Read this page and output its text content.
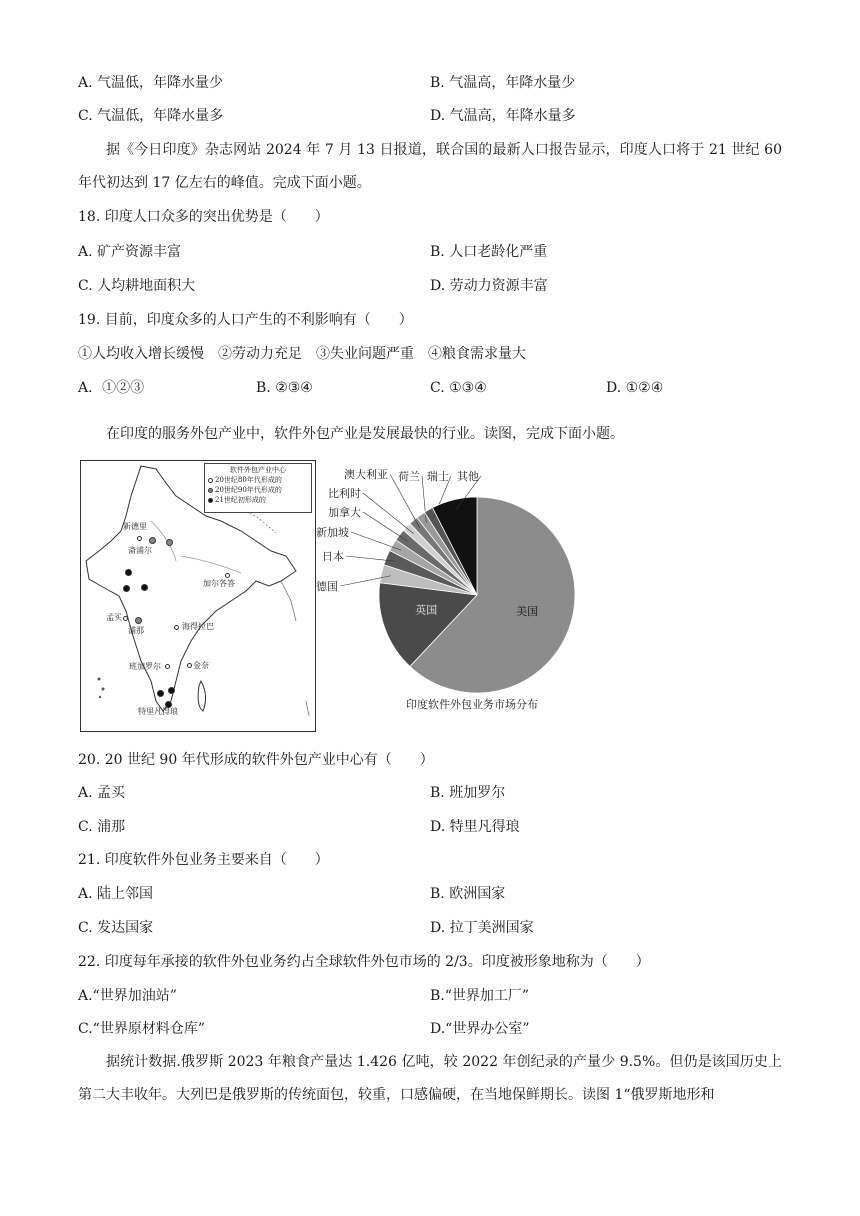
A. 气温低，年降水量少	B. 气温高，年降水量少
C. 气温低，年降水量多	D. 气温高，年降水量多
据《今日印度》杂志网站 2024 年 7 月 13 日报道，联合国的最新人口报告显示，印度人口将于 21 世纪 60 年代初达到 17 亿左右的峰值。完成下面小题。
18. 印度人口众多的突出优势是（　　）
A. 矿产资源丰富	B. 人口老龄化严重
C. 人均耕地面积大	D. 劳动力资源丰富
19. 目前，印度众多的人口产生的不利影响有（　　）
①人均收入增长缓慢　②劳动力充足　③失业问题严重　④粮食需求量大
A．①②③	B. ②③④	C. ①③④	D. ①②④
在印度的服务外包产业中，软件外包产业是发展最快的行业。读图，完成下面小题。
软件外包产业中心
20世纪80年代形成的
20世纪90年代形成的
21世纪初形成的
新德里
斋浦尔
加尔各答
孟买
浦那	海得拉巴
班加罗尔	金奈
特里凡得琅
美国
英国
德国
日本
新加坡
加拿大
比利时
澳大利亚 荷兰 瑞士 其他
印度软件外包业务市场分布
20. 20 世纪 90 年代形成的软件外包产业中心有（　　）
A. 孟买	B. 班加罗尔
C. 浦那	D. 特里凡得琅
21. 印度软件外包业务主要来自（　　）
A. 陆上邻国	B. 欧洲国家
C. 发达国家	D. 拉丁美洲国家
22. 印度每年承接的软件外包业务约占全球软件外包市场的 2/3。印度被形象地称为（　　）
A.“世界加油站”	B.“世界加工厂”
C.“世界原材料仓库”	D.“世界办公室”
据统计数据.俄罗斯 2023 年粮食产量达 1.426 亿吨，较 2022 年创纪录的产量少 9.5%。但仍是该国历史上第二大丰收年。大列巴是俄罗斯的传统面包，较重，口感偏硬，在当地保鲜期长。读图 1“俄罗斯地形和
